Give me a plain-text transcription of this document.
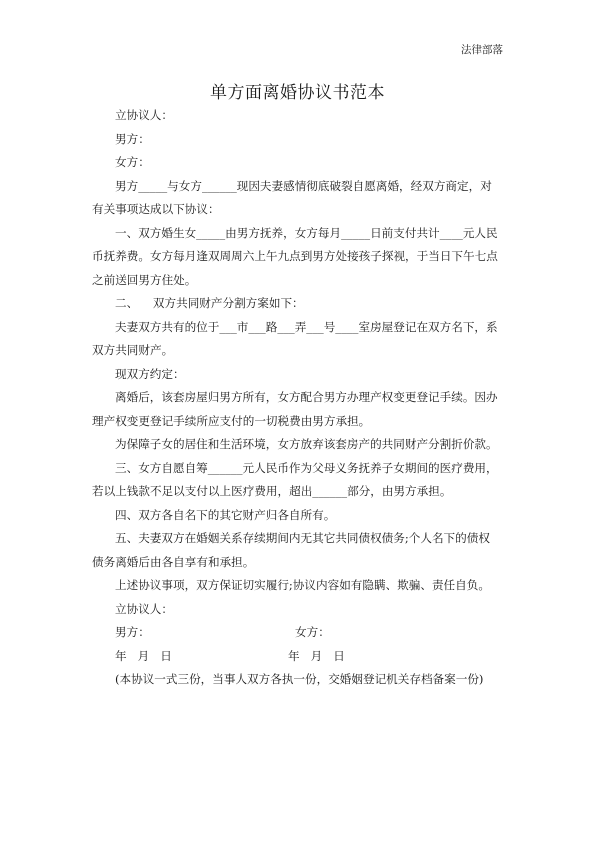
法律部落
单方面离婚协议书范本

立协议人：

男方：

女方：

男方_____与女方______现因夫妻感情彻底破裂自愿离婚，经双方商定，对

有关事项达成以下协议：

一、双方婚生女_____由男方抚养，女方每月_____日前支付共计____元人民

币抚养费。女方每月逢双周周六上午九点到男方处接孩子探视，于当日下午七点

之前送回男方住处。

二、    双方共同财产分割方案如下：

夫妻双方共有的位于___市___路___弄___号____室房屋登记在双方名下，系

双方共同财产。

现双方约定：

离婚后，该套房屋归男方所有，女方配合男方办理产权变更登记手续。因办

理产权变更登记手续所应支付的一切税费由男方承担。

为保障子女的居住和生活环境，女方放弃该套房产的共同财产分割折价款。

三、女方自愿自筹______元人民币作为父母义务抚养子女期间的医疗费用，

若以上钱款不足以支付以上医疗费用，超出______部分，由男方承担。

四、双方各自名下的其它财产归各自所有。

五、夫妻双方在婚姻关系存续期间内无其它共同债权债务;个人名下的债权

债务离婚后由各自享有和承担。

上述协议事项，双方保证切实履行;协议内容如有隐瞒、欺骗、责任自负。

立协议人：

男方：	女方：
年   月   日	年   月   日

(本协议一式三份，当事人双方各执一份，交婚姻登记机关存档备案一份)
